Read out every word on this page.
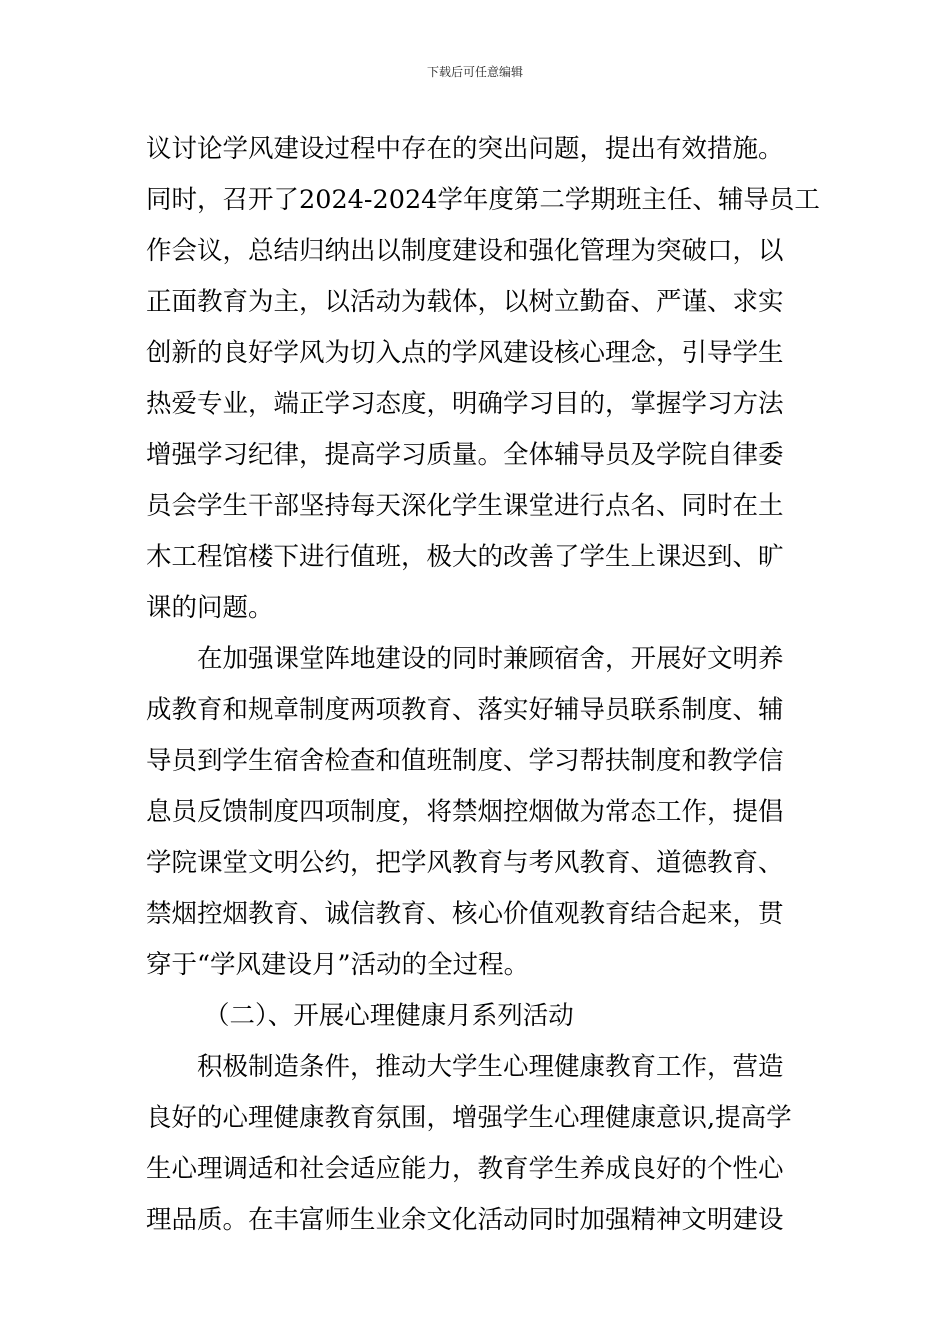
下载后可任意编辑
议讨论学风建设过程中存在的突出问题，提出有效措施。
同时，召开了2024-2024学年度第二学期班主任、辅导员工
作会议，总结归纳出以制度建设和强化管理为突破口，以
正面教育为主，以活动为载体，以树立勤奋、严谨、求实
创新的良好学风为切入点的学风建设核心理念，引导学生
热爱专业，端正学习态度，明确学习目的，掌握学习方法
增强学习纪律，提高学习质量。全体辅导员及学院自律委
员会学生干部坚持每天深化学生课堂进行点名、同时在土
木工程馆楼下进行值班，极大的改善了学生上课迟到、旷
课的问题。
在加强课堂阵地建设的同时兼顾宿舍，开展好文明养
成教育和规章制度两项教育、落实好辅导员联系制度、辅
导员到学生宿舍检查和值班制度、学习帮扶制度和教学信
息员反馈制度四项制度，将禁烟控烟做为常态工作，提倡
学院课堂文明公约，把学风教育与考风教育、道德教育、
禁烟控烟教育、诚信教育、核心价值观教育结合起来，贯
穿于“学风建设月”活动的全过程。
（二）、开展心理健康月系列活动
积极制造条件，推动大学生心理健康教育工作，营造
良好的心理健康教育氛围，增强学生心理健康意识,提高学
生心理调适和社会适应能力，教育学生养成良好的个性心
理品质。在丰富师生业余文化活动同时加强精神文明建设
